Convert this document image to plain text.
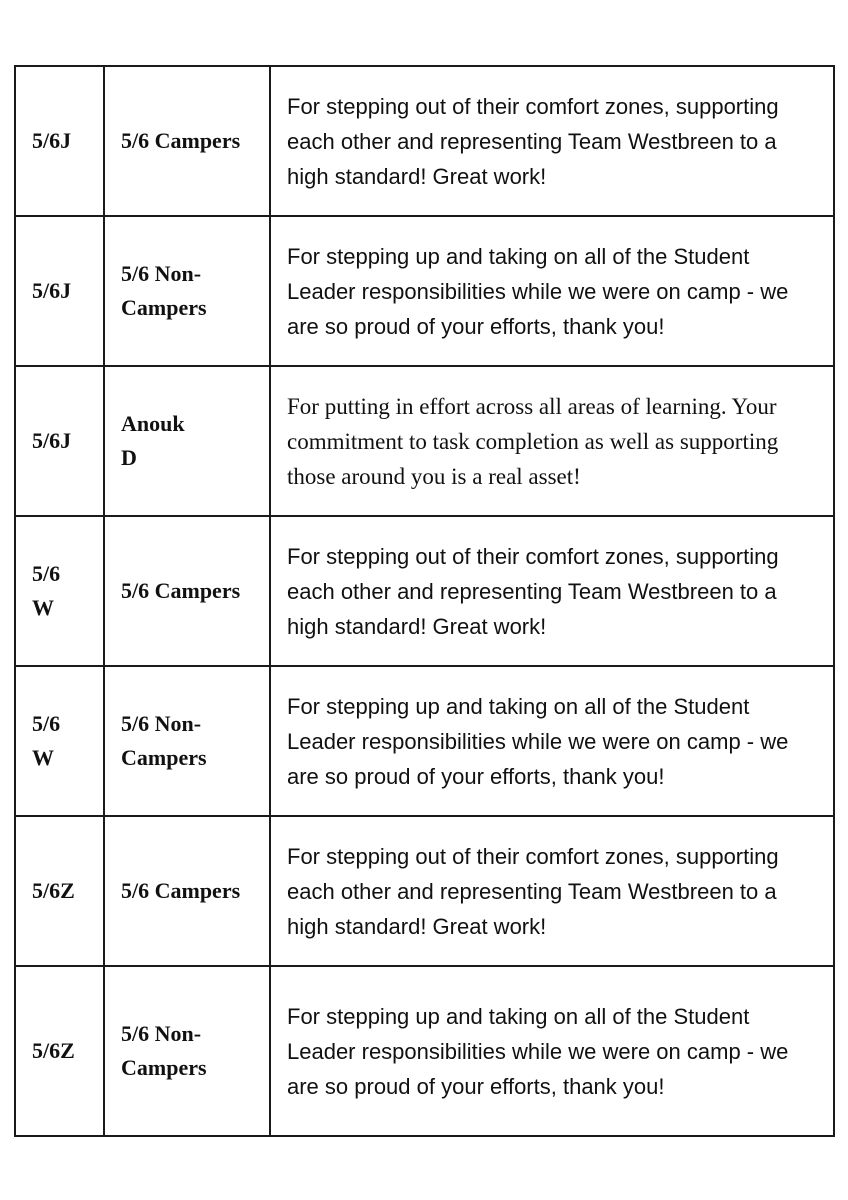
5/6J	5/6 Campers	For stepping out of their comfort zones, supporting each other and representing Team Westbreen to a high standard! Great work!
5/6J	5/6 Non-Campers	For stepping up and taking on all of the Student Leader responsibilities while we were on camp - we are so proud of your efforts, thank you!
5/6J	Anouk D	For putting in effort across all areas of learning. Your commitment to task completion as well as supporting those around you is a real asset!

5/6 W	5/6 Campers	For stepping out of their comfort zones, supporting each other and representing Team Westbreen to a high standard! Great work!

5/6 W	5/6 Non-Campers	For stepping up and taking on all of the Student Leader responsibilities while we were on camp - we are so proud of your efforts, thank you!
5/6Z	5/6 Campers	For stepping out of their comfort zones, supporting each other and representing Team Westbreen to a high standard! Great work!
5/6Z	5/6 Non-Campers	For stepping up and taking on all of the Student Leader responsibilities while we were on camp - we are so proud of your efforts, thank you!
